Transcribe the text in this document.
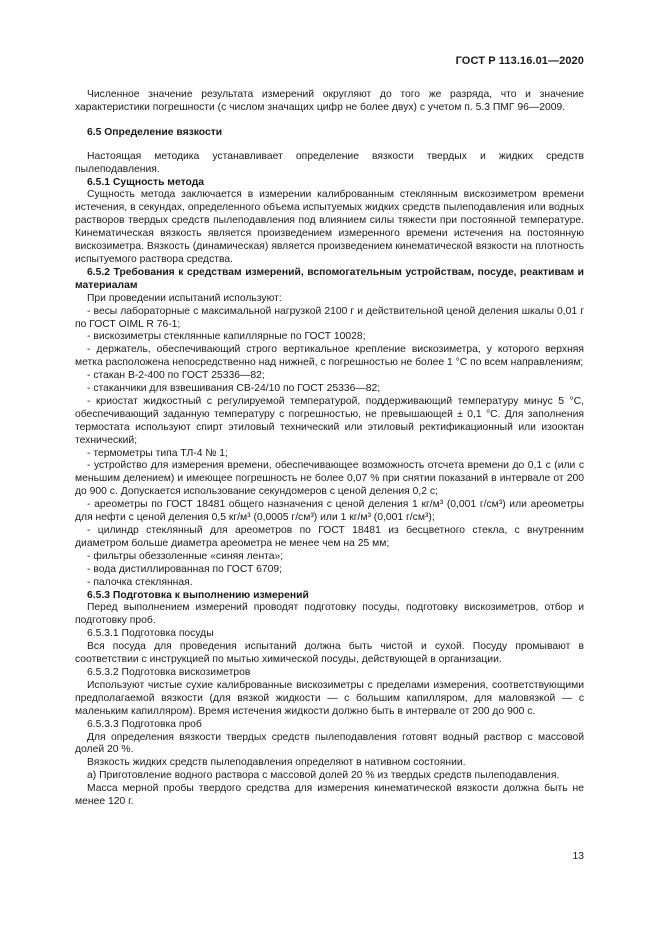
ГОСТ Р 113.16.01—2020

Численное значение результата измерений округляют до того же разряда, что и значение характеристики погрешности (с числом значащих цифр не более двух) с учетом п. 5.3 ПМГ 96—2009.

6.5 Определение вязкости

Настоящая методика устанавливает определение вязкости твердых и жидких средств пылеподавления.

6.5.1 Сущность метода

Сущность метода заключается в измерении калиброванным стеклянным вискозиметром времени истечения, в секундах, определенного объема испытуемых жидких средств пылеподавления или водных растворов твердых средств пылеподавления под влиянием силы тяжести при постоянной температуре. Кинематическая вязкость является произведением измеренного времени истечения на постоянную вискозиметра. Вязкость (динамическая) является произведением кинематической вязкости на плотность испытуемого раствора средства.

6.5.2 Требования к средствам измерений, вспомогательным устройствам, посуде, реактивам и материалам

При проведении испытаний используют:

- весы лабораторные с максимальной нагрузкой 2100 г и действительной ценой деления шкалы 0,01 г по ГОСТ OIML R 76-1;

- вискозиметры стеклянные капиллярные по ГОСТ 10028;

- держатель, обеспечивающий строго вертикальное крепление вискозиметра, у которого верхняя метка расположена непосредственно над нижней, с погрешностью не более 1 °С по всем направлениям;

- стакан В-2-400 по ГОСТ 25336—82;

- стаканчики для взвешивания СВ-24/10 по ГОСТ 25336—82;

- криостат жидкостный с регулируемой температурой, поддерживающий температуру минус 5 °С, обеспечивающий заданную температуру с погрешностью, не превышающей ± 0,1 °С. Для заполнения термостата используют спирт этиловый технический или этиловый ректификационный или изооктан технический;

- термометры типа ТЛ-4 № 1;

- устройство для измерения времени, обеспечивающее возможность отсчета времени до 0,1 с (или с меньшим делением) и имеющее погрешность не более 0,07 % при снятии показаний в интервале от 200 до 900 с. Допускается использование секундомеров с ценой деления 0,2 с;

- ареометры по ГОСТ 18481 общего назначения с ценой деления 1 кг/м³ (0,001 г/см³) или ареометры для нефти с ценой деления 0,5 кг/м³ (0,0005 г/см³) или 1 кг/м³ (0,001 г/см³);

- цилиндр стеклянный для ареометров по ГОСТ 18481 из бесцветного стекла, с внутренним диаметром больше диаметра ареометра не менее чем на 25 мм;

- фильтры обеззоленные «синяя лента»;

- вода дистиллированная по ГОСТ 6709;

- палочка стеклянная.

6.5.3 Подготовка к выполнению измерений

Перед выполнением измерений проводят подготовку посуды, подготовку вискозиметров, отбор и подготовку проб.

6.5.3.1 Подготовка посуды

Вся посуда для проведения испытаний должна быть чистой и сухой. Посуду промывают в соответствии с инструкцией по мытью химической посуды, действующей в организации.

6.5.3.2 Подготовка вискозиметров

Используют чистые сухие калиброванные вискозиметры с пределами измерения, соответствующими предполагаемой вязкости (для вязкой жидкости — с большим капилляром, для маловязкой — с маленьким капилляром). Время истечения жидкости должно быть в интервале от 200 до 900 с.

6.5.3.3 Подготовка проб

Для определения вязкости твердых средств пылеподавления готовят водный раствор с массовой долей 20 %.

Вязкость жидких средств пылеподавления определяют в нативном состоянии.

а) Приготовление водного раствора с массовой долей 20 % из твердых средств пылеподавления.

Масса мерной пробы твердого средства для измерения кинематической вязкости должна быть не менее 120 г.

13
